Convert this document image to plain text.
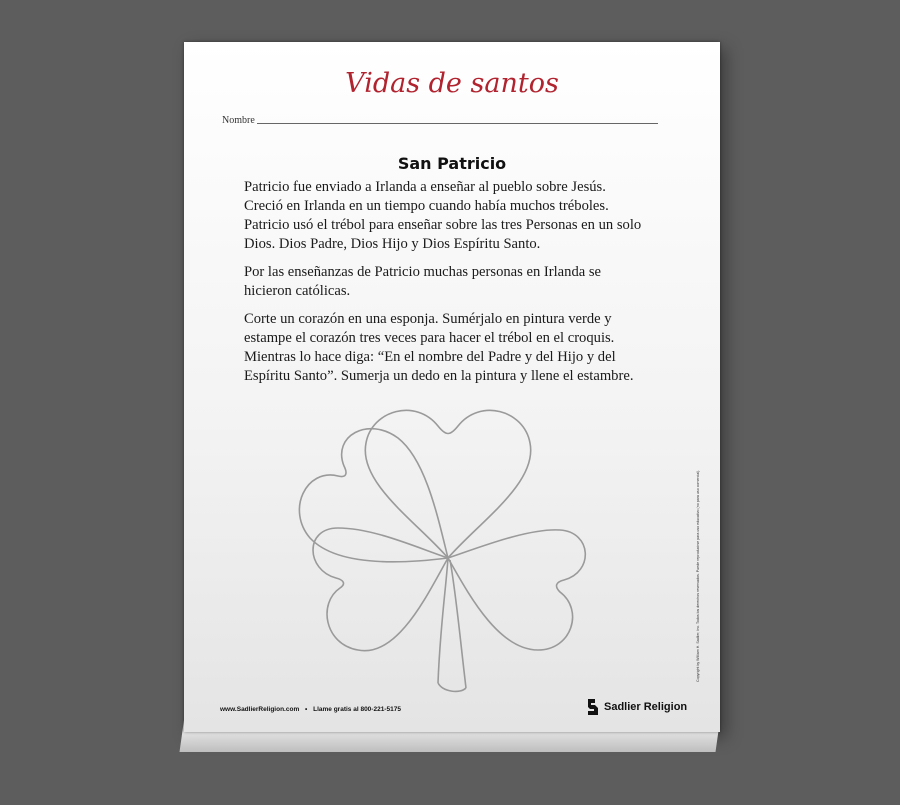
Vidas de santos
Nombre
San Patricio

Patricio fue enviado a Irlanda a enseñar al pueblo sobre Jesús. Creció en Irlanda en un tiempo cuando había muchos tréboles. Patricio usó el trébol para enseñar sobre las tres Personas en un solo Dios. Dios Padre, Dios Hijo y Dios Espíritu Santo.

Por las enseñanzas de Patricio muchas personas en Irlanda se hicieron católicas.

Corte un corazón en una esponja. Sumérjalo en pintura verde y estampe el corazón tres veces para hacer el trébol en el croquis. Mientras lo hace diga: “En el nombre del Padre y del Hijo y del Espíritu Santo”. Sumerja un dedo en la pintura y llene el estambre.

www.SadlierReligion.com • Llame gratis al 800-221-5175	Sadlier Religion
Copyright by William H. Sadlier, Inc. Todos los derechos reservados. Puede reproducirse para uso educativo (no para uso comercial).
